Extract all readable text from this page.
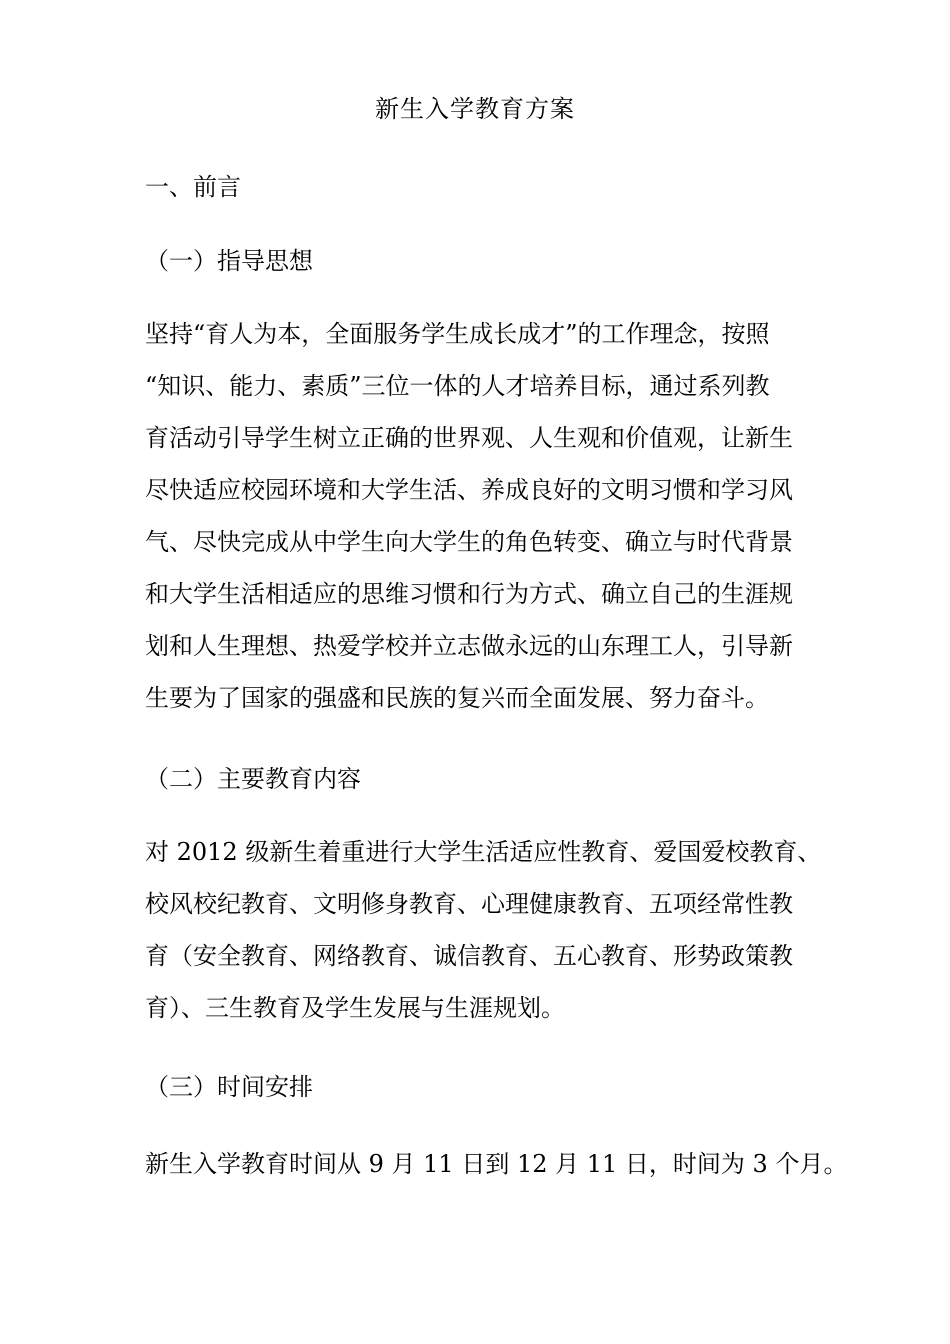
新生入学教育方案
一、前言
（一）指导思想
坚持“育人为本，全面服务学生成长成才”的工作理念，按照
“知识、能力、素质”三位一体的人才培养目标，通过系列教
育活动引导学生树立正确的世界观、人生观和价值观，让新生
尽快适应校园环境和大学生活、养成良好的文明习惯和学习风
气、尽快完成从中学生向大学生的角色转变、确立与时代背景
和大学生活相适应的思维习惯和行为方式、确立自己的生涯规
划和人生理想、热爱学校并立志做永远的山东理工人，引导新
生要为了国家的强盛和民族的复兴而全面发展、努力奋斗。
（二）主要教育内容
对 2012 级新生着重进行大学生活适应性教育、爱国爱校教育、
校风校纪教育、文明修身教育、心理健康教育、五项经常性教
育（安全教育、网络教育、诚信教育、五心教育、形势政策教
育）、三生教育及学生发展与生涯规划。
（三）时间安排
新生入学教育时间从 9 月 11 日到 12 月 11 日，时间为 3 个月。
